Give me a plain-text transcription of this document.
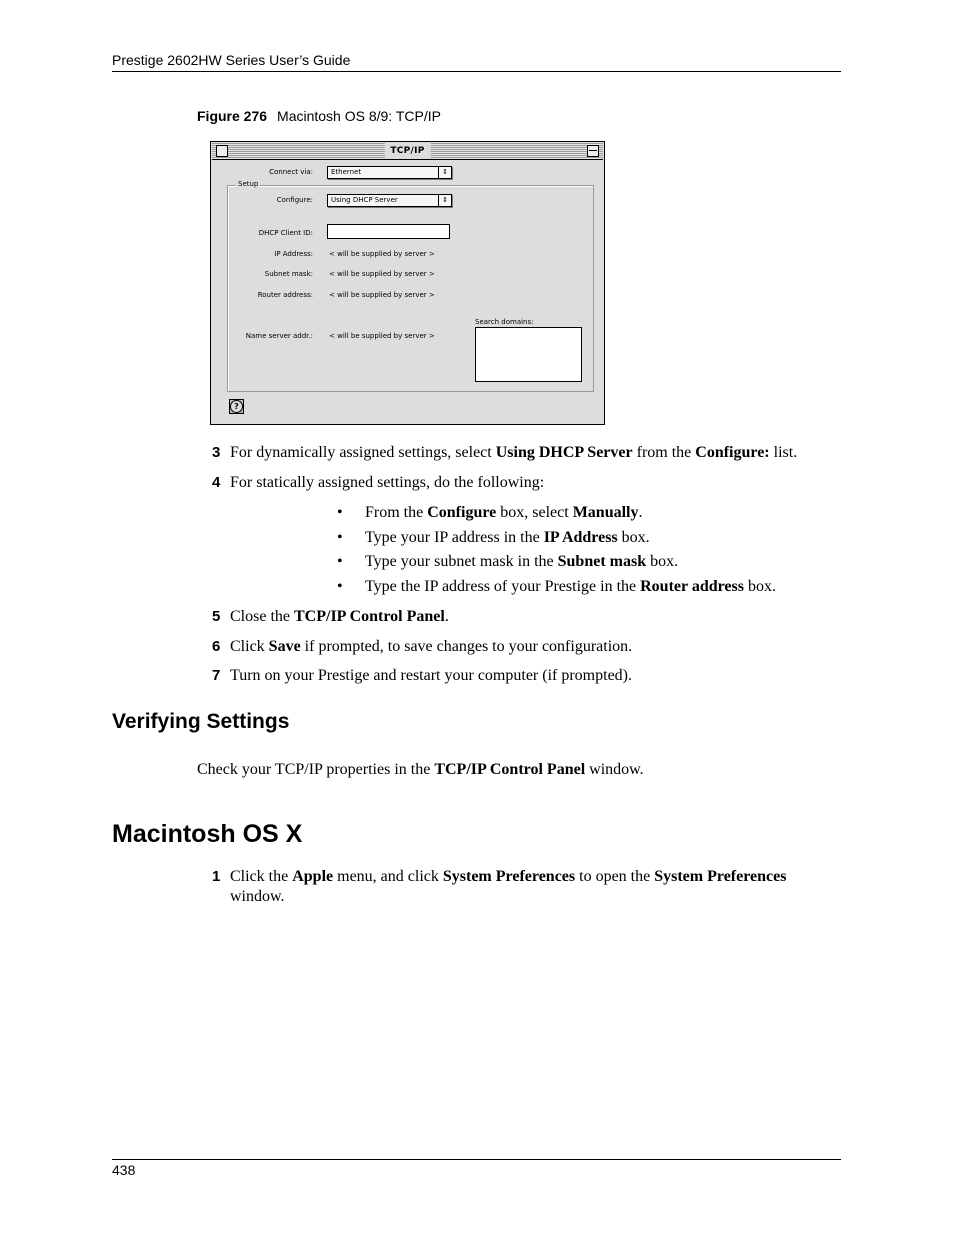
Prestige 2602HW Series User’s Guide
Figure 276 Macintosh OS 8/9: TCP/IP
TCP/IP
Connect via:	Ethernet	⇕
Setup
Configure:	Using DHCP Server	⇕
DHCP Client ID:
IP Address: < will be supplied by server >
Subnet mask: < will be supplied by server >
Router address: < will be supplied by server >
Search domains:
Name server addr.: < will be supplied by server >
?
3 For dynamically assigned settings, select Using DHCP Server from the Configure: list.
4 For statically assigned settings, do the following:
• From the Configure box, select Manually.
• Type your IP address in the IP Address box.
• Type your subnet mask in the Subnet mask box.
• Type the IP address of your Prestige in the Router address box.
5 Close the TCP/IP Control Panel.
6 Click Save if prompted, to save changes to your configuration.
7 Turn on your Prestige and restart your computer (if prompted).
Verifying Settings
Check your TCP/IP properties in the TCP/IP Control Panel window.
Macintosh OS X
1 Click the Apple menu, and click System Preferences to open the System Preferences
window.
438
